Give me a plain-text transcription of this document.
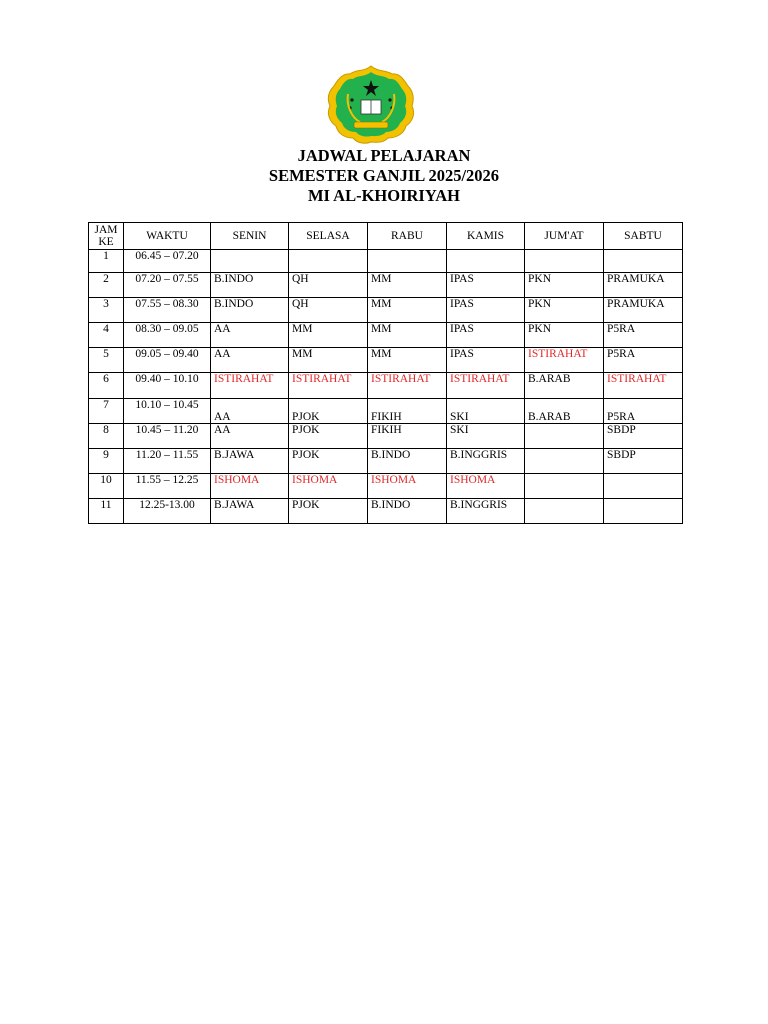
JADWAL PELAJARAN
SEMESTER GANJIL 2025/2026
MI AL-KHOIRIYAH
JAM KE	WAKTU	SENIN	SELASA	RABU	KAMIS	JUM'AT	SABTU
1	06.45 – 07.20						
2	07.20 – 07.55	B.INDO	QH	MM	IPAS	PKN	PRAMUKA
3	07.55 – 08.30	B.INDO	QH	MM	IPAS	PKN	PRAMUKA
4	08.30 – 09.05	AA	MM	MM	IPAS	PKN	P5RA
5	09.05 – 09.40	AA	MM	MM	IPAS	ISTIRAHAT	P5RA
6	09.40 – 10.10	ISTIRAHAT	ISTIRAHAT	ISTIRAHAT	ISTIRAHAT	B.ARAB	ISTIRAHAT
7	10.10 – 10.45	AA	PJOK	FIKIH	SKI	B.ARAB	P5RA
8	10.45 – 11.20	AA	PJOK	FIKIH	SKI		SBDP
9	11.20 – 11.55	B.JAWA	PJOK	B.INDO	B.INGGRIS		SBDP
10	11.55 – 12.25	ISHOMA	ISHOMA	ISHOMA	ISHOMA		
11	12.25-13.00	B.JAWA	PJOK	B.INDO	B.INGGRIS		
